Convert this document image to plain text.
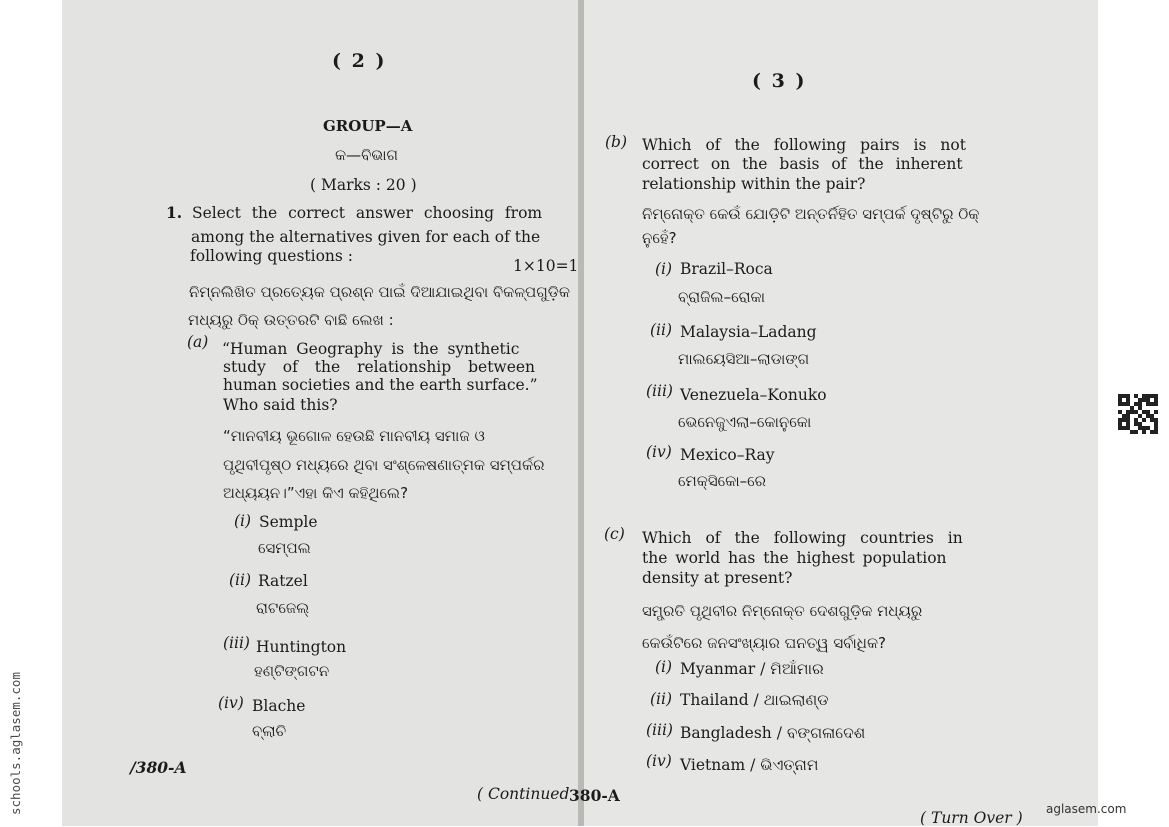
( 2 )
GROUP—A
କ—ବିଭାଗ
( Marks : 20 )
1. Select the correct answer choosing from
among the alternatives given for each of the
following questions :
1×10=1
ନିମ୍ନଲିଖିତ ପ୍ରତ୍ୟେକ ପ୍ରଶ୍ନ ପାଇଁ ଦିଆଯାଇଥିବା ବିକଳ୍ପଗୁଡ଼ିକ
ମଧ୍ୟରୁ ଠିକ୍ ଉତ୍ତରଟି ବାଛି ଲେଖ :
(a) “Human Geography is the synthetic
study of the relationship between
human societies and the earth surface.”
Who said this?
“ମାନବୀୟ ଭୂଗୋଳ ହେଉଛି ମାନବୀୟ ସମାଜ ଓ
ପୃଥିବୀପୃଷ୍ଠ ମଧ୍ୟରେ ଥିବା ସଂଶ୍ଳେଷଣାତ୍ମକ ସମ୍ପର୍କର
ଅଧ୍ୟୟନ।”ଏହା କିଏ କହିଥିଲେ?
(i) Semple
ସେମ୍‌ପଲ
(ii) Ratzel
ରାଟଜେଲ୍
(iii) Huntington
ହଣ୍ଟିଙ୍ଗଟନ
(iv) Blache
ବ୍ଲାଚି
/380-A
( Continued 380-A
( 3 )
(b) Which of the following pairs is not
correct on the basis of the inherent
relationship within the pair?
ନିମ୍ନୋକ୍ତ କେଉଁ ଯୋଡ଼ିଟି ଅନ୍ତର୍ନିହିତ ସମ୍ପର୍କ ଦୃଷ୍ଟିରୁ ଠିକ୍
ନୁହେଁ?
(i) Brazil–Roca
ବ୍ରାଜିଲ–ରୋକା
(ii) Malaysia–Ladang
ମାଲୟେସିଆ–ଲାଡାଙ୍ଗ
(iii) Venezuela–Konuko
ଭେନେଜୁଏଲା–କୋନୁକୋ
(iv) Mexico–Ray
ମେକ୍ସିକୋ–ରେ
(c) Which of the following countries in
the world has the highest population
density at present?
ସମ୍ପ୍ରତି ପୃଥିବୀର ନିମ୍ନୋକ୍ତ ଦେଶଗୁଡ଼ିକ ମଧ୍ୟରୁ
କେଉଁଟିରେ ଜନସଂଖ୍ୟାର ଘନତ୍ୱ ସର୍ବାଧିକ?
(i) Myanmar / ମିଆଁମାର
(ii) Thailand / ଥାଇଲାଣ୍ଡ
(iii) Bangladesh / ବଙ୍ଗଳାଦେଶ
(iv) Vietnam / ଭିଏତ୍‌ନାମ
( Turn Over )
schools.aglasem.com	aglasem.com
